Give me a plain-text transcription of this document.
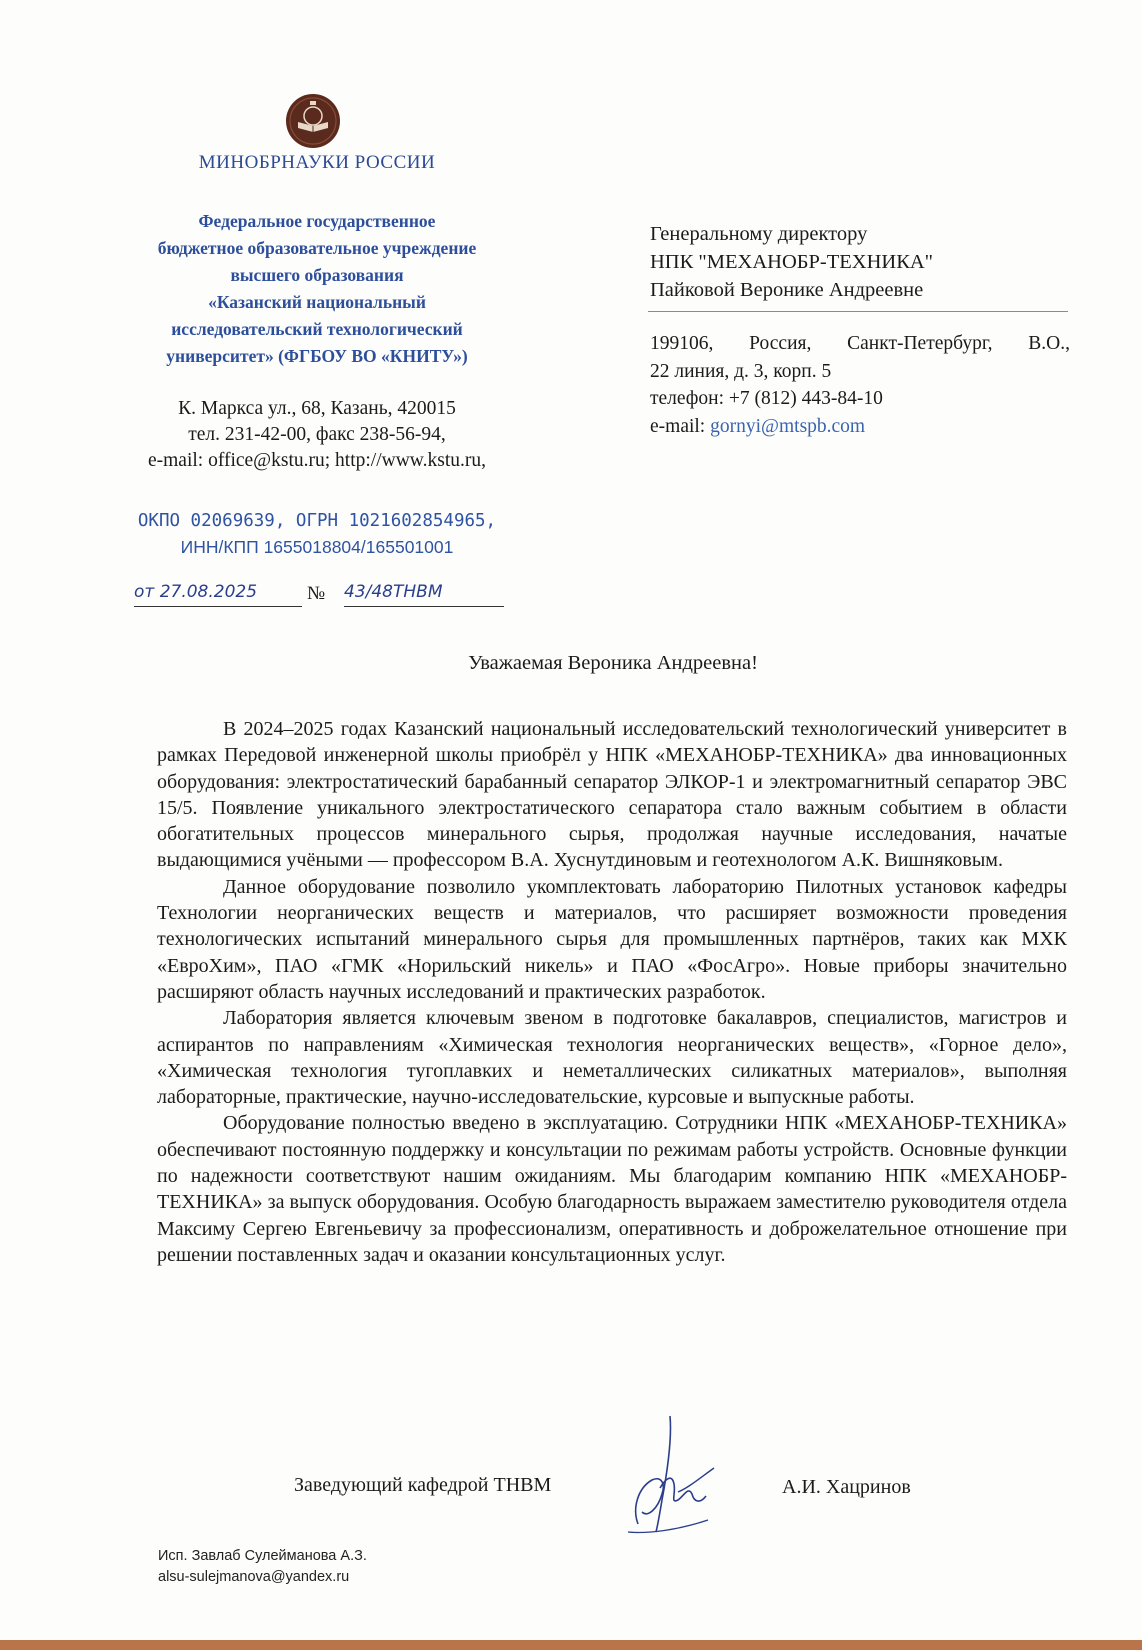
МИНОБРНАУКИ РОССИИ
Федеральное государственное
бюджетное образовательное учреждение
высшего образования
«Казанский национальный
исследовательский технологический
университет» (ФГБОУ ВО «КНИТУ»)
К. Маркса ул., 68, Казань, 420015
тел. 231-42-00, факс 238-56-94,
e-mail: office@kstu.ru; http://www.kstu.ru,
ОКПО 02069639, ОГРН 1021602854965,
ИНН/КПП 1655018804/165501001
от 27.08.2025	№ 43/48ТНВМ
Генеральному директору
НПК "МЕХАНОБР-ТЕХНИКА"
Пайковой Веронике Андреевне
199106, Россия, Санкт-Петербург, В.О.,
22 линия, д. 3, корп. 5
телефон: +7 (812) 443-84-10
e-mail: gornyi@mtspb.com
Уважаемая Вероника Андреевна!

В 2024–2025 годах Казанский национальный исследовательский технологический университет в рамках Передовой инженерной школы приобрёл у НПК «МЕХАНОБР-ТЕХНИКА» два инновационных оборудования: электростатический барабанный сепаратор ЭЛКОР-1 и электромагнитный сепаратор ЭВС 15/5. Появление уникального электростатического сепаратора стало важным событием в области обогатительных процессов минерального сырья, продолжая научные исследования, начатые выдающимися учёными — профессором В.А. Хуснутдиновым и геотехнологом А.К. Вишняковым.

Данное оборудование позволило укомплектовать лабораторию Пилотных установок кафедры Технологии неорганических веществ и материалов, что расширяет возможности проведения технологических испытаний минерального сырья для промышленных партнёров, таких как МХК «ЕвроХим», ПАО «ГМК «Норильский никель» и ПАО «ФосАгро». Новые приборы значительно расширяют область научных исследований и практических разработок.

Лаборатория является ключевым звеном в подготовке бакалавров, специалистов, магистров и аспирантов по направлениям «Химическая технология неорганических веществ», «Горное дело», «Химическая технология тугоплавких и неметаллических силикатных материалов», выполняя лабораторные, практические, научно-исследовательские, курсовые и выпускные работы.

Оборудование полностью введено в эксплуатацию. Сотрудники НПК «МЕХАНОБР-ТЕХНИКА» обеспечивают постоянную поддержку и консультации по режимам работы устройств. Основные функции по надежности соответствуют нашим ожиданиям. Мы благодарим компанию НПК «МЕХАНОБР-ТЕХНИКА» за выпуск оборудования. Особую благодарность выражаем заместителю руководителя отдела Максиму Сергею Евгеньевичу за профессионализм, оперативность и доброжелательное отношение при решении поставленных задач и оказании консультационных услуг.

Заведующий кафедрой ТНВМ	А.И. Хацринов
Исп. Завлаб Сулейманова А.З.
alsu-sulejmanova@yandex.ru
